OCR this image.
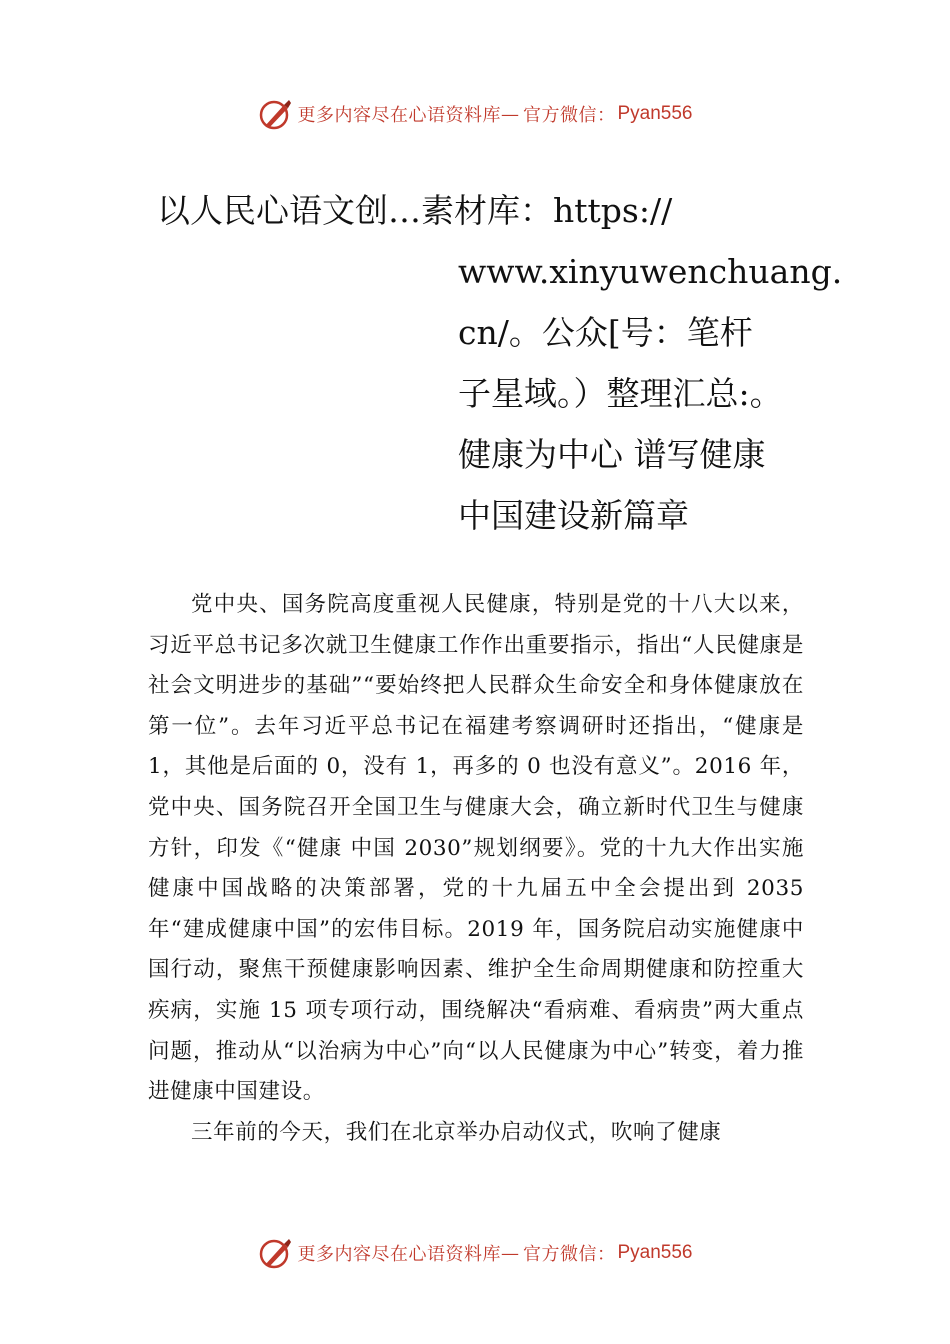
更多内容尽在心语资料库 — 官方微信： Pyan556
以人民心语文创…素材库：https://
www.xinyuwenchuang.
cn/。公众[号：笔杆
子星域。）整理汇总:。
健康为中心 谱写健康
中国建设新篇章

党中央、国务院高度重视人民健康，特别是党的十八大以来，习近平总书记多次就卫生健康工作作出重要指示，指出“人民健康是社会文明进步的基础”“要始终把人民群众生命安全和身体健康放在第一位”。去年习近平总书记在福建考察调研时还指出，“健康是 1，其他是后面的 0，没有 1，再多的 0 也没有意义”。2016 年，党中央、国务院召开全国卫生与健康大会，确立新时代卫生与健康方针，印发《“健康 中国 2030”规划纲要》。党的十九大作出实施健康中国战略的决策部署，党的十九届五中全会提出到 2035 年“建成健康中国”的宏伟目标。2019 年，国务院启动实施健康中国行动，聚焦干预健康影响因素、维护全生命周期健康和防控重大疾病，实施 15 项专项行动，围绕解决“看病难、看病贵”两大重点问题，推动从“以治病为中心”向“以人民健康为中心”转变，着力推进健康中国建设。

三年前的今天，我们在北京举办启动仪式，吹响了健康

更多内容尽在心语资料库 — 官方微信： Pyan556
